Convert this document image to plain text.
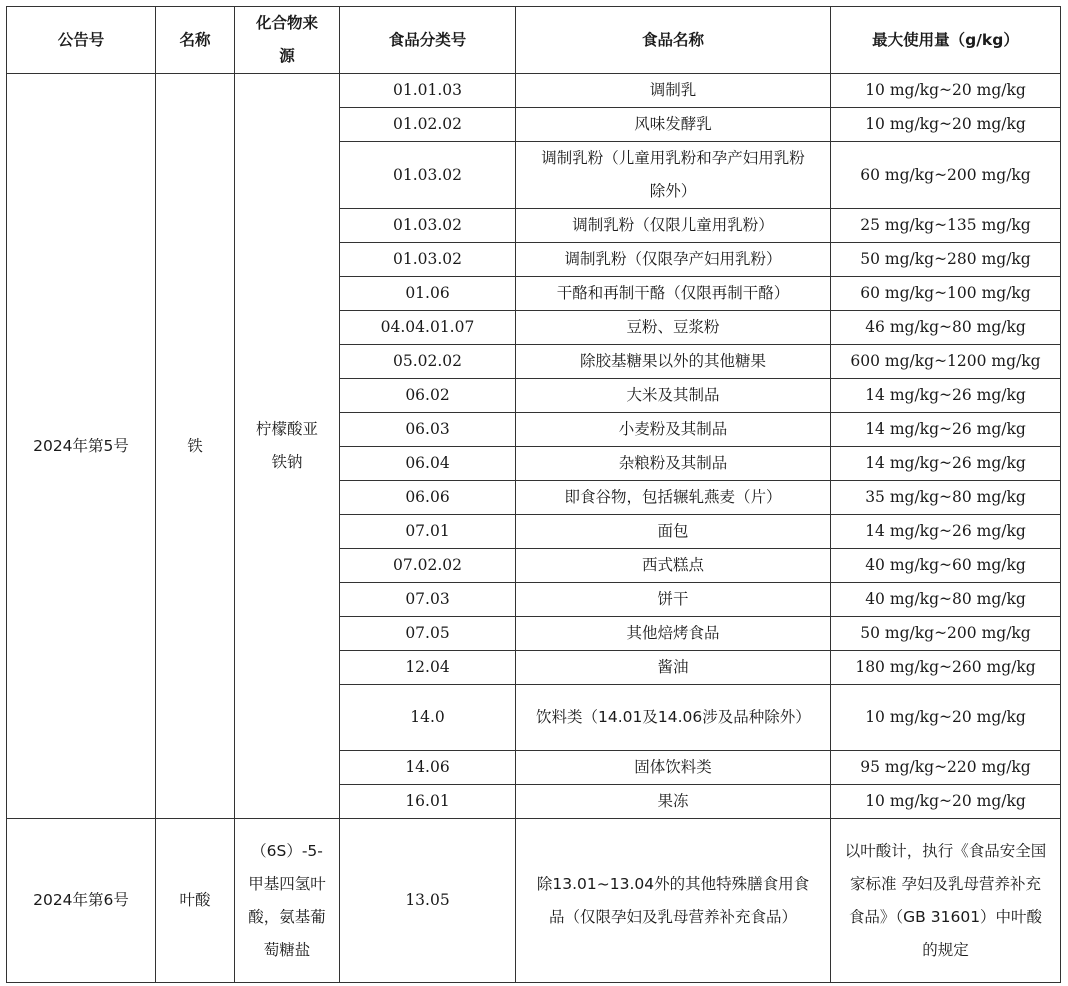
公告号	名称	化合物来源	食品分类号	食品名称	最大使用量（g/kg）
2024年第5号	铁	柠檬酸亚铁钠	01.01.03	调制乳	10 mg/kg~20 mg/kg
			01.02.02	风味发酵乳	10 mg/kg~20 mg/kg
			01.03.02	调制乳粉（儿童用乳粉和孕产妇用乳粉除外）	60 mg/kg~200 mg/kg
			01.03.02	调制乳粉（仅限儿童用乳粉）	25 mg/kg~135 mg/kg
			01.03.02	调制乳粉（仅限孕产妇用乳粉）	50 mg/kg~280 mg/kg
			01.06	干酪和再制干酪（仅限再制干酪）	60 mg/kg~100 mg/kg
			04.04.01.07	豆粉、豆浆粉	46 mg/kg~80 mg/kg
			05.02.02	除胶基糖果以外的其他糖果	600 mg/kg~1200 mg/kg
			06.02	大米及其制品	14 mg/kg~26 mg/kg
			06.03	小麦粉及其制品	14 mg/kg~26 mg/kg
			06.04	杂粮粉及其制品	14 mg/kg~26 mg/kg
			06.06	即食谷物，包括辗轧燕麦（片）	35 mg/kg~80 mg/kg
			07.01	面包	14 mg/kg~26 mg/kg
			07.02.02	西式糕点	40 mg/kg~60 mg/kg
			07.03	饼干	40 mg/kg~80 mg/kg
			07.05	其他焙烤食品	50 mg/kg~200 mg/kg
			12.04	酱油	180 mg/kg~260 mg/kg
			14.0	饮料类（14.01及14.06涉及品种除外）	10 mg/kg~20 mg/kg
			14.06	固体饮料类	95 mg/kg~220 mg/kg
			16.01	果冻	10 mg/kg~20 mg/kg
2024年第6号	叶酸	（6S）-5-甲基四氢叶酸，氨基葡萄糖盐	13.05	除13.01~13.04外的其他特殊膳食用食品（仅限孕妇及乳母营养补充食品）	以叶酸计，执行《食品安全国家标准 孕妇及乳母营养补充食品》（GB 31601）中叶酸的规定
